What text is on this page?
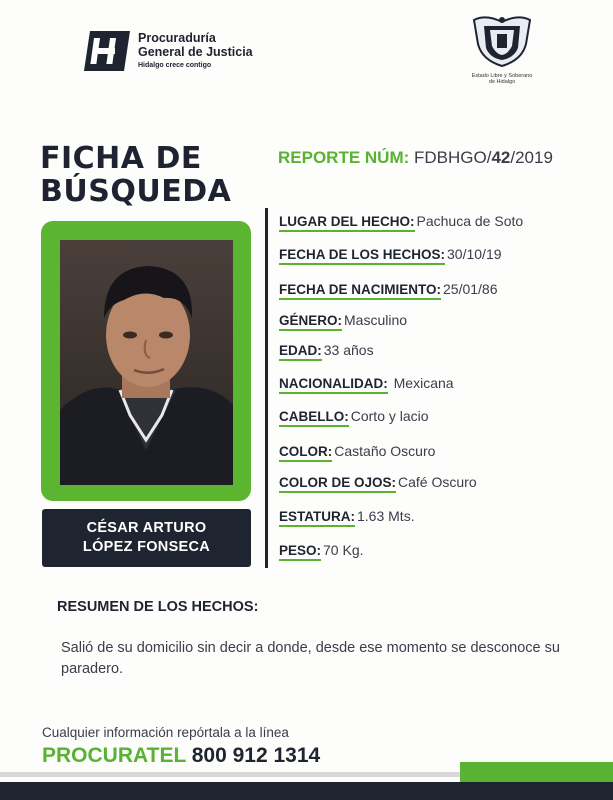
Procuraduría
General de Justicia
Hidalgo crece contigo
Estado Libre y Soberano
de Hidalgo
FICHA DE
BÚSQUEDA
REPORTE NÚM: FDBHGO/42/2019
CÉSAR ARTURO
LÓPEZ FONSECA
LUGAR DEL HECHO: Pachuca de Soto
FECHA DE LOS HECHOS: 30/10/19
FECHA DE NACIMIENTO: 25/01/86
GÉNERO: Masculino
EDAD: 33 años
NACIONALIDAD: Mexicana
CABELLO: Corto y lacio
COLOR: Castaño Oscuro
COLOR DE OJOS: Café Oscuro
ESTATURA: 1.63 Mts.
PESO: 70 Kg.
RESUMEN DE LOS HECHOS:
Salió de su domicilio sin decir a donde, desde ese momento se desconoce su paradero.
Cualquier información repórtala a la línea
PROCURATEL 800 912 1314
